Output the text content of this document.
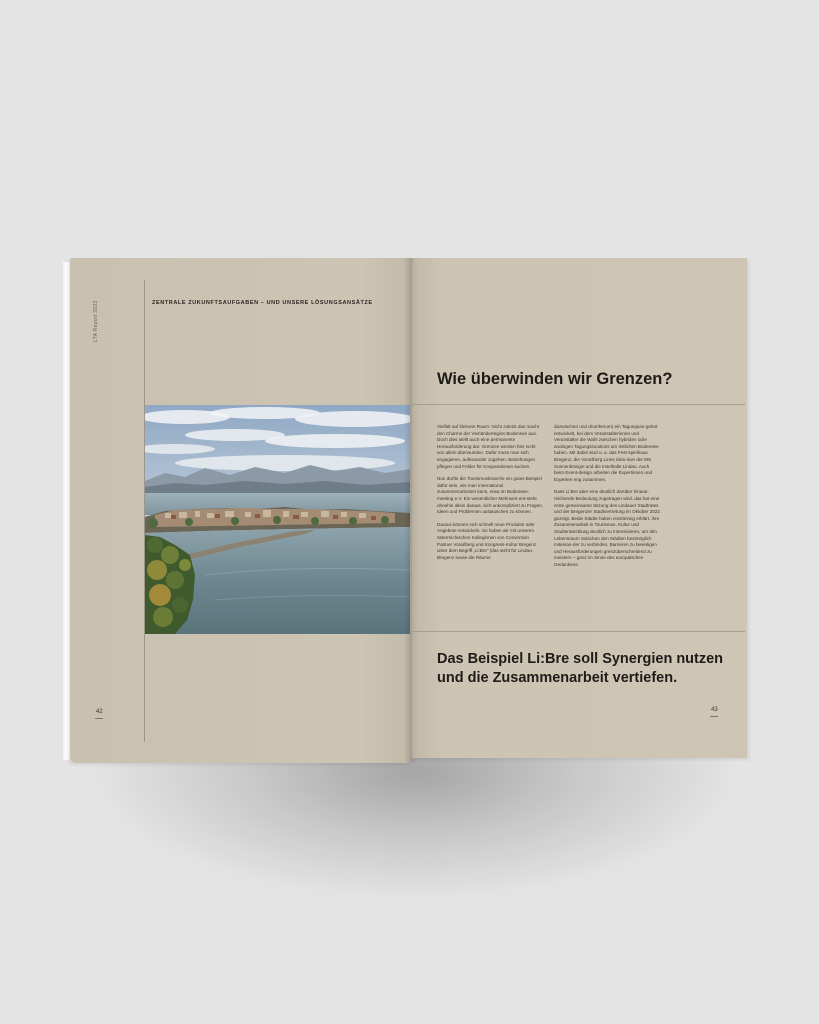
LTA Report 2022	ZENTRALE ZUKUNFTSAUFGABEN – UND UNSERE LÖSUNGSANSÄTZE
42
Wie überwinden wir Grenzen?

Vielfalt auf kleinem Raum: Nicht zuletzt das macht den Charme der Vierländerregion Bodensee aus. Doch dies stellt auch eine permanente Herausforderung dar. Grenzen werden hier nicht von allein überwunden. Dafür muss man sich engagieren, aufeinander zugehen, Beziehungen pflegen und Felder für Kooperationen suchen.

Nun dürfte die Tourismusbranche ein gutes Beispiel dafür sein, wie man international zusammenarbeiten kann, etwa im Bodensee-meeting e.V. Ein wesentlicher Mehrwert ent-steht ohnehin allein daraus, sich unkompliziert zu Fragen, Ideen und Problemen austauschen zu können.

Daraus können sich schnell neue Produkte oder Angebote entwickeln. So haben wir mit unseren österreichischen Kolleginnen von Convention Partner Vorarlberg und Kongress-Kultur Bregenz unter dem Begriff „Li:Bre“ (das steht für Lindau-Bregenz sowie die Räume

dazwischen und drumherum) ein Tagungsan-gebot entwickelt, bei dem Veranstalterinnen und Veranstalter die Wahl zwischen hybriden oder analogen Tagungslocations am östlichen Bodensee haben. Mit dabei sind u. a. das Fest-spielhaus Bregenz, die Vorarlberg Lines inklu-sive der MS Sonnenkönigin und die Inselhalle Lindau. Auch beim Event-design arbeiten die Expertinnen und Experten eng zusammen.

Dass Li:Bre aber eine deutlich darüber hinaus-reichende Bedeutung zugetragen wird, das hat eine erste gemeinsame Sitzung des Lindauer Stadtrates und der Bregenzer Stadtvertretung im Oktober 2022 gezeigt. Beide Städte haben einstimmig erklärt, ihre Zusammenarbeit in Tourismus, Kultur und Stadtentwicklung deutlich zu intensivieren, um den Lebensraum zwischen den Städten bestmöglich miteinan-der zu verbinden, Barrieren zu beseitigen und Herausforderungen grenzüberschreitend zu meistern – ganz im Sinne des europäischen Gedankens.

Das Beispiel Li:Bre soll Synergien nutzen und die Zusammenarbeit vertiefen.
43
